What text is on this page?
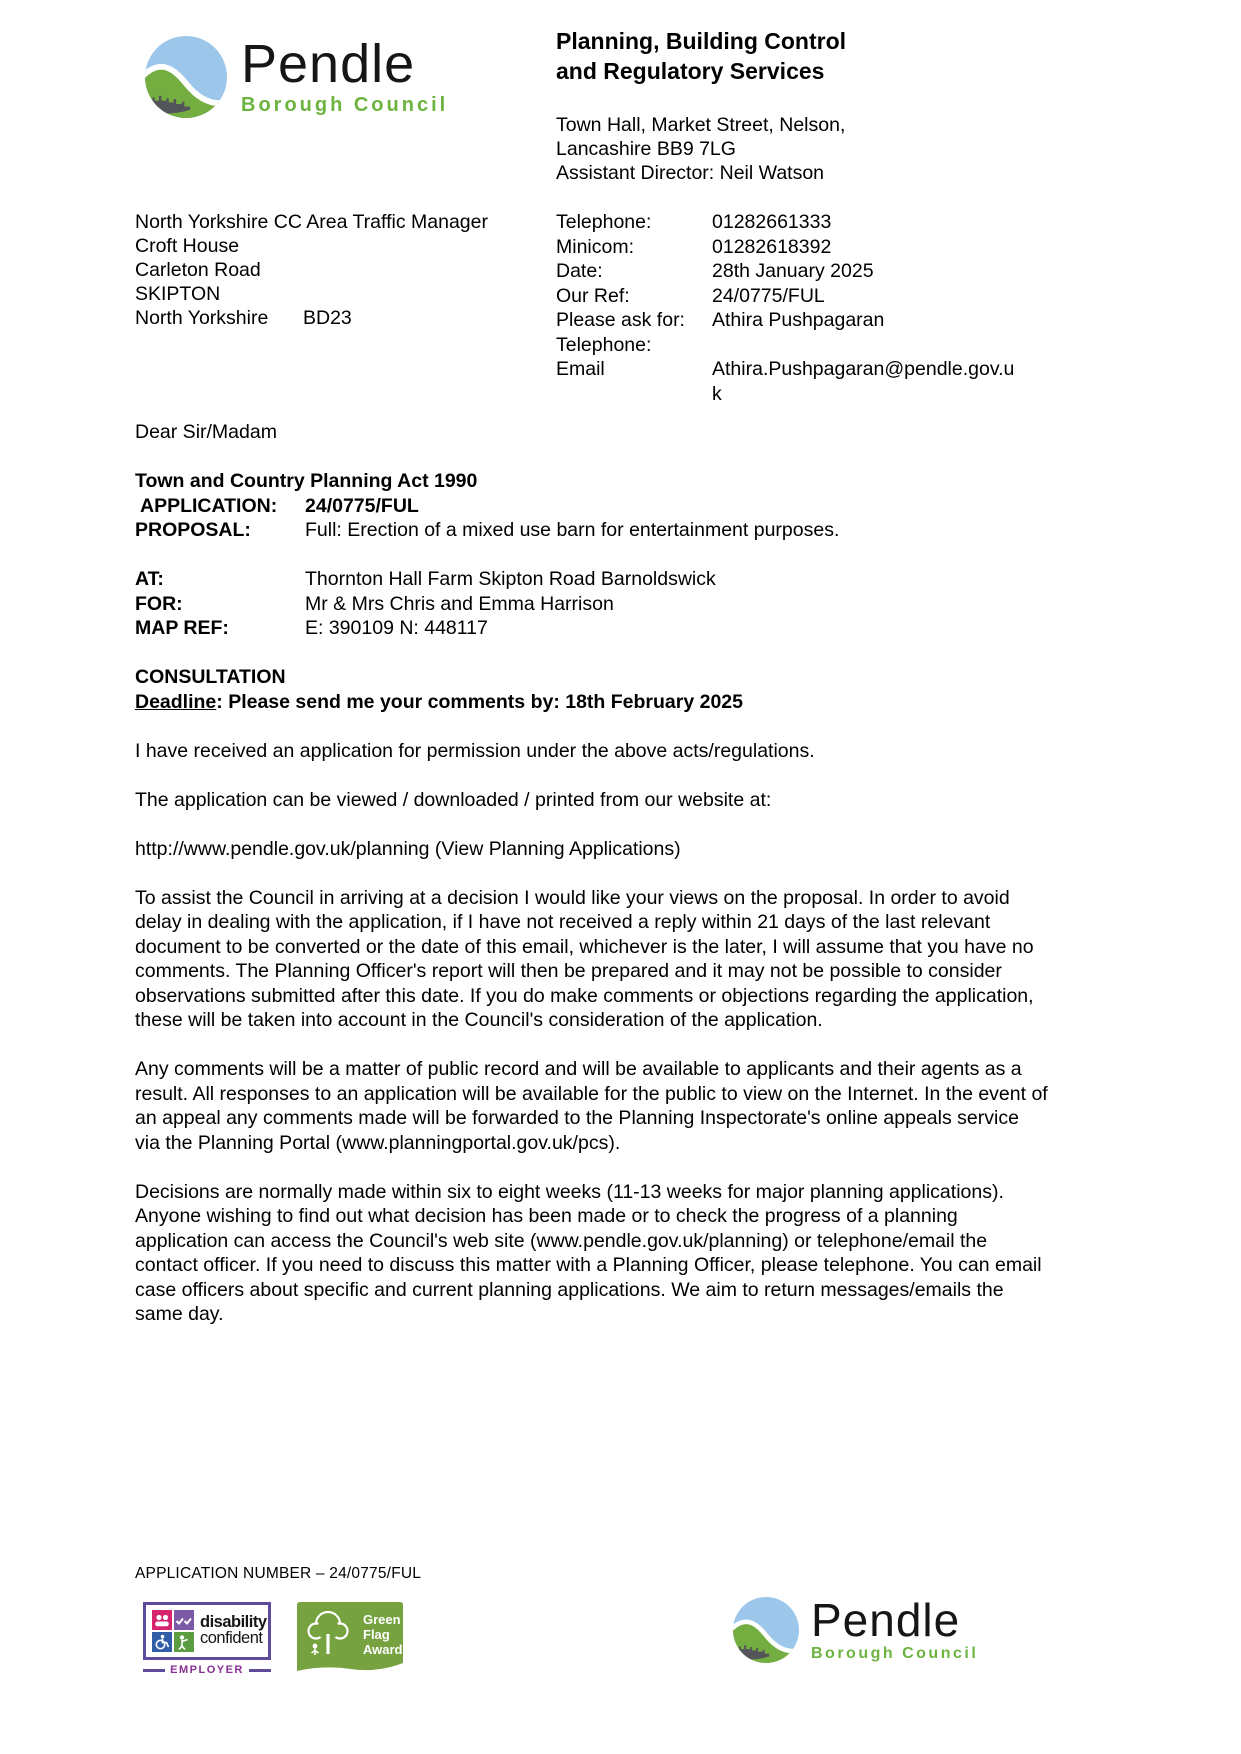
Pendle
Borough Council
Planning, Building Control
and Regulatory Services
Town Hall, Market Street, Nelson,
Lancashire BB9 7LG
Assistant Director: Neil Watson
North Yorkshire CC Area Traffic Manager
Croft House
Carleton Road
SKIPTON
North Yorkshire	BD23
Telephone:	01282661333
Minicom:	01282618392
Date:	28th January 2025
Our Ref:	24/0775/FUL
Please ask for:	Athira Pushpagaran
Telephone:
Email	Athira.Pushpagaran@pendle.gov.uk

Dear Sir/Madam

Town and Country Planning Act 1990
APPLICATION:	24/0775/FUL
PROPOSAL:	Full: Erection of a mixed use barn for entertainment purposes.
AT:	Thornton Hall Farm Skipton Road Barnoldswick
FOR:	Mr & Mrs Chris and Emma Harrison
MAP REF:	E: 390109 N: 448117
CONSULTATION
Deadline: Please send me your comments by: 18th February 2025

I have received an application for permission under the above acts/regulations.

The application can be viewed / downloaded / printed from our website at:

http://www.pendle.gov.uk/planning (View Planning Applications)

To assist the Council in arriving at a decision I would like your views on the proposal. In order to avoid delay in dealing with the application, if I have not received a reply within 21 days of the last relevant document to be converted or the date of this email, whichever is the later, I will assume that you have no comments. The Planning Officer's report will then be prepared and it may not be possible to consider observations submitted after this date. If you do make comments or objections regarding the application, these will be taken into account in the Council's consideration of the application.

Any comments will be a matter of public record and will be available to applicants and their agents as a result. All responses to an application will be available for the public to view on the Internet. In the event of an appeal any comments made will be forwarded to the Planning Inspectorate's online appeals service via the Planning Portal (www.planningportal.gov.uk/pcs).

Decisions are normally made within six to eight weeks (11-13 weeks for major planning applications). Anyone wishing to find out what decision has been made or to check the progress of a planning application can access the Council's web site (www.pendle.gov.uk/planning) or telephone/email the contact officer. If you need to discuss this matter with a Planning Officer, please telephone. You can email case officers about specific and current planning applications. We aim to return messages/emails the same day.

APPLICATION NUMBER – 24/0775/FUL
disability
confident
EMPLOYER
Green
Flag
Award
Pendle
Borough Council
